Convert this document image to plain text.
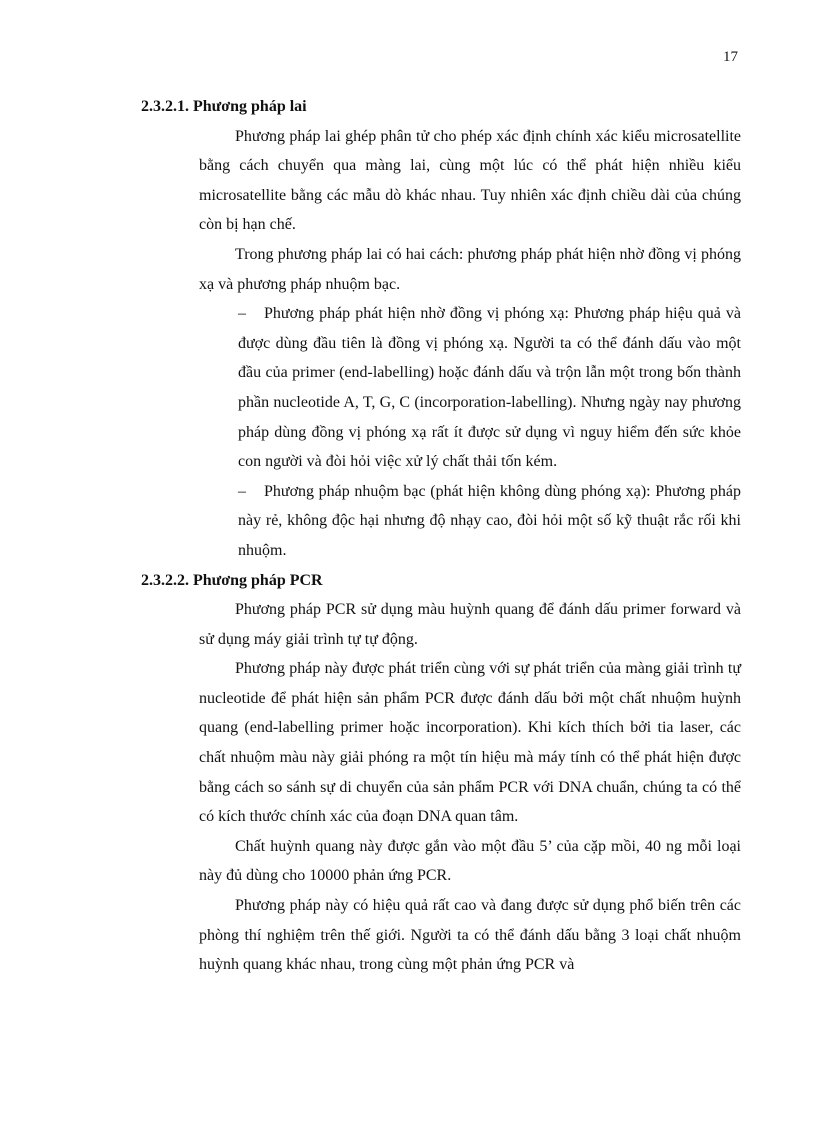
17

2.3.2.1. Phương pháp lai

Phương pháp lai ghép phân tử cho phép xác định chính xác kiểu microsatellite bằng cách chuyển qua màng lai, cùng một lúc có thể phát hiện nhiều kiểu microsatellite bằng các mẫu dò khác nhau. Tuy nhiên xác định chiều dài của chúng còn bị hạn chế.

Trong phương pháp lai có hai cách: phương pháp phát hiện nhờ đồng vị phóng xạ và phương pháp nhuộm bạc.

– Phương pháp phát hiện nhờ đồng vị phóng xạ: Phương pháp hiệu quả và được dùng đầu tiên là đồng vị phóng xạ. Người ta có thể đánh dấu vào một đầu của primer (end-labelling) hoặc đánh dấu và trộn lẫn một trong bốn thành phần nucleotide A, T, G, C (incorporation-labelling). Nhưng ngày nay phương pháp dùng đồng vị phóng xạ rất ít được sử dụng vì nguy hiểm đến sức khỏe con người và đòi hỏi việc xử lý chất thải tốn kém.

– Phương pháp nhuộm bạc (phát hiện không dùng phóng xạ): Phương pháp này rẻ, không độc hại nhưng độ nhạy cao, đòi hỏi một số kỹ thuật rắc rối khi nhuộm.

2.3.2.2. Phương pháp PCR

Phương pháp PCR sử dụng màu huỳnh quang để đánh dấu primer forward và sử dụng máy giải trình tự tự động.

Phương pháp này được phát triển cùng với sự phát triển của màng giải trình tự nucleotide để phát hiện sản phẩm PCR được đánh dấu bởi một chất nhuộm huỳnh quang (end-labelling primer hoặc incorporation). Khi kích thích bởi tia laser, các chất nhuộm màu này giải phóng ra một tín hiệu mà máy tính có thể phát hiện được bằng cách so sánh sự di chuyển của sản phẩm PCR với DNA chuẩn, chúng ta có thể có kích thước chính xác của đoạn DNA quan tâm.

Chất huỳnh quang này được gắn vào một đầu 5’ của cặp mồi, 40 ng mỗi loại này đủ dùng cho 10000 phản ứng PCR.

Phương pháp này có hiệu quả rất cao và đang được sử dụng phổ biến trên các phòng thí nghiệm trên thế giới. Người ta có thể đánh dấu bằng 3 loại chất nhuộm huỳnh quang khác nhau, trong cùng một phản ứng PCR và
